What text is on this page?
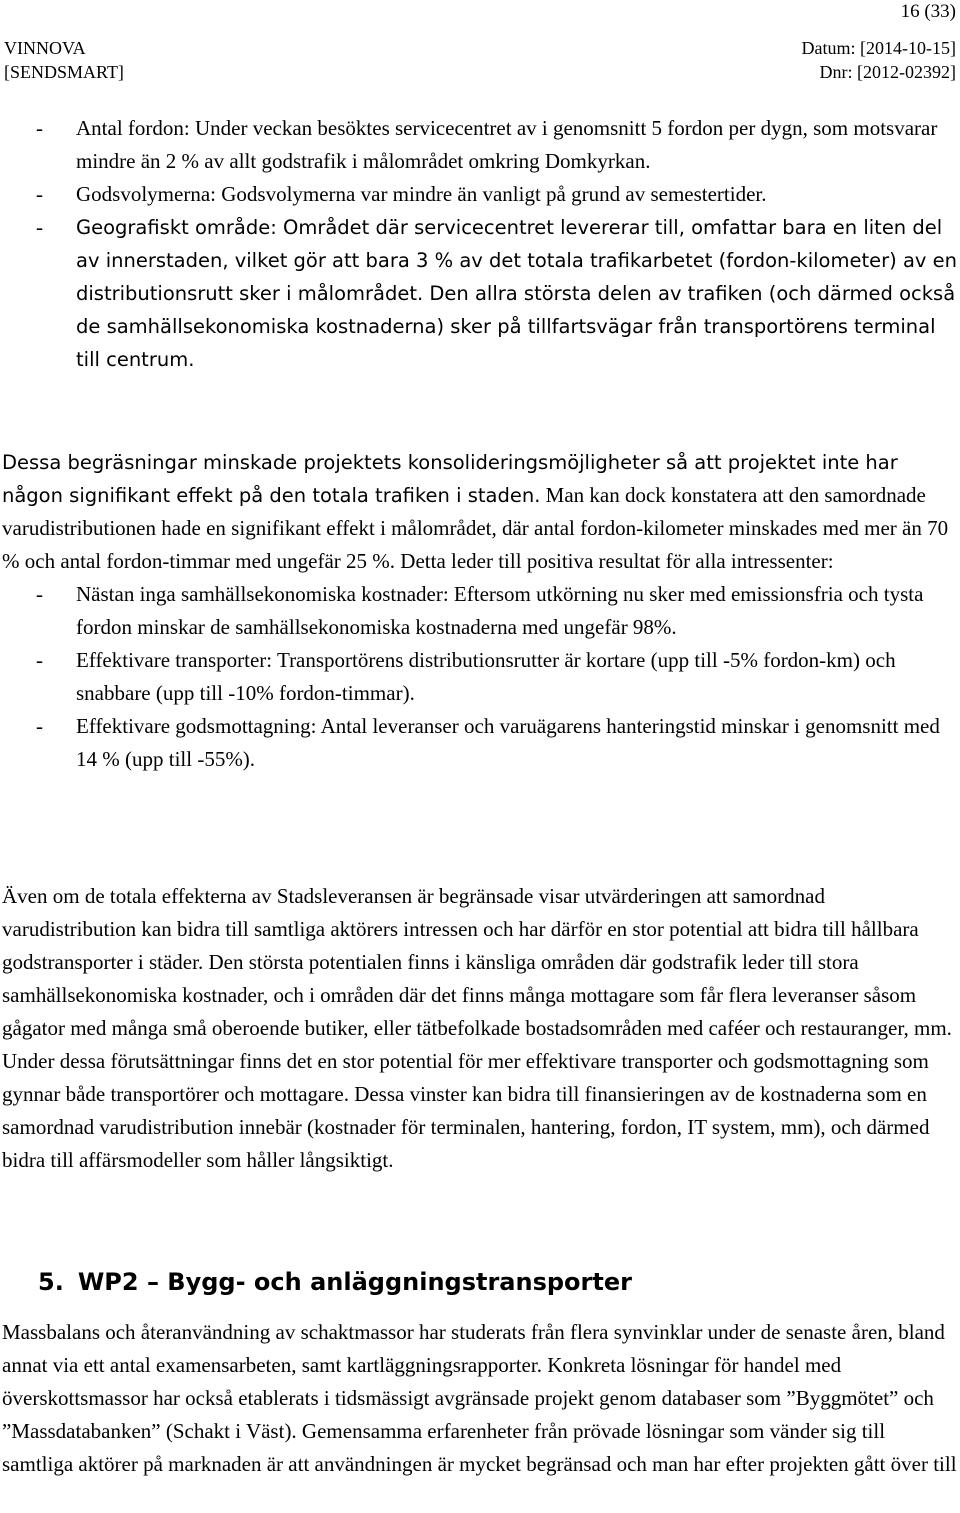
16 (33)
VINNOVA
[SENDSMART]
Datum: [2014-10-15]
Dnr: [2012-02392]
- Antal fordon: Under veckan besöktes servicecentret av i genomsnitt 5 fordon per dygn, som motsvarar mindre än 2 % av allt godstrafik i målområdet omkring Domkyrkan.
- Godsvolymerna: Godsvolymerna var mindre än vanligt på grund av semestertider.
- Geografiskt område: Området där servicecentret levererar till, omfattar bara en liten del av innerstaden, vilket gör att bara 3 % av det totala trafikarbetet (fordon-kilometer) av en distributionsrutt sker i målområdet. Den allra största delen av trafiken (och därmed också de samhällsekonomiska kostnaderna) sker på tillfartsvägar från transportörens terminal till centrum.

Dessa begräsningar minskade projektets konsolideringsmöjligheter så att projektet inte har någon signifikant effekt på den totala trafiken i staden. Man kan dock konstatera att den samordnade varudistributionen hade en signifikant effekt i målområdet, där antal fordon-kilometer minskades med mer än 70 % och antal fordon-timmar med ungefär 25 %. Detta leder till positiva resultat för alla intressenter:

- Nästan inga samhällsekonomiska kostnader: Eftersom utkörning nu sker med emissionsfria och tysta fordon minskar de samhällsekonomiska kostnaderna med ungefär 98%.
- Effektivare transporter: Transportörens distributionsrutter är kortare (upp till -5% fordon-km) och snabbare (upp till -10% fordon-timmar).
- Effektivare godsmottagning: Antal leveranser och varuägarens hanteringstid minskar i genomsnitt med 14 % (upp till -55%).

Även om de totala effekterna av Stadsleveransen är begränsade visar utvärderingen att samordnad varudistribution kan bidra till samtliga aktörers intressen och har därför en stor potential att bidra till hållbara godstransporter i städer. Den största potentialen finns i känsliga områden där godstrafik leder till stora samhällsekonomiska kostnader, och i områden där det finns många mottagare som får flera leveranser såsom gågator med många små oberoende butiker, eller tätbefolkade bostadsområden med caféer och restauranger, mm. Under dessa förutsättningar finns det en stor potential för mer effektivare transporter och godsmottagning som gynnar både transportörer och mottagare. Dessa vinster kan bidra till finansieringen av de kostnaderna som en samordnad varudistribution innebär (kostnader för terminalen, hantering, fordon, IT system, mm), och därmed bidra till affärsmodeller som håller långsiktigt.

5. WP2 – Bygg- och anläggningstransporter

Massbalans och återanvändning av schaktmassor har studerats från flera synvinklar under de senaste åren, bland annat via ett antal examensarbeten, samt kartläggningsrapporter. Konkreta lösningar för handel med överskottsmassor har också etablerats i tidsmässigt avgränsade projekt genom databaser som ”Byggmötet” och ”Massdatabanken” (Schakt i Väst). Gemensamma erfarenheter från prövade lösningar som vänder sig till samtliga aktörer på marknaden är att användningen är mycket begränsad och man har efter projekten gått över till
